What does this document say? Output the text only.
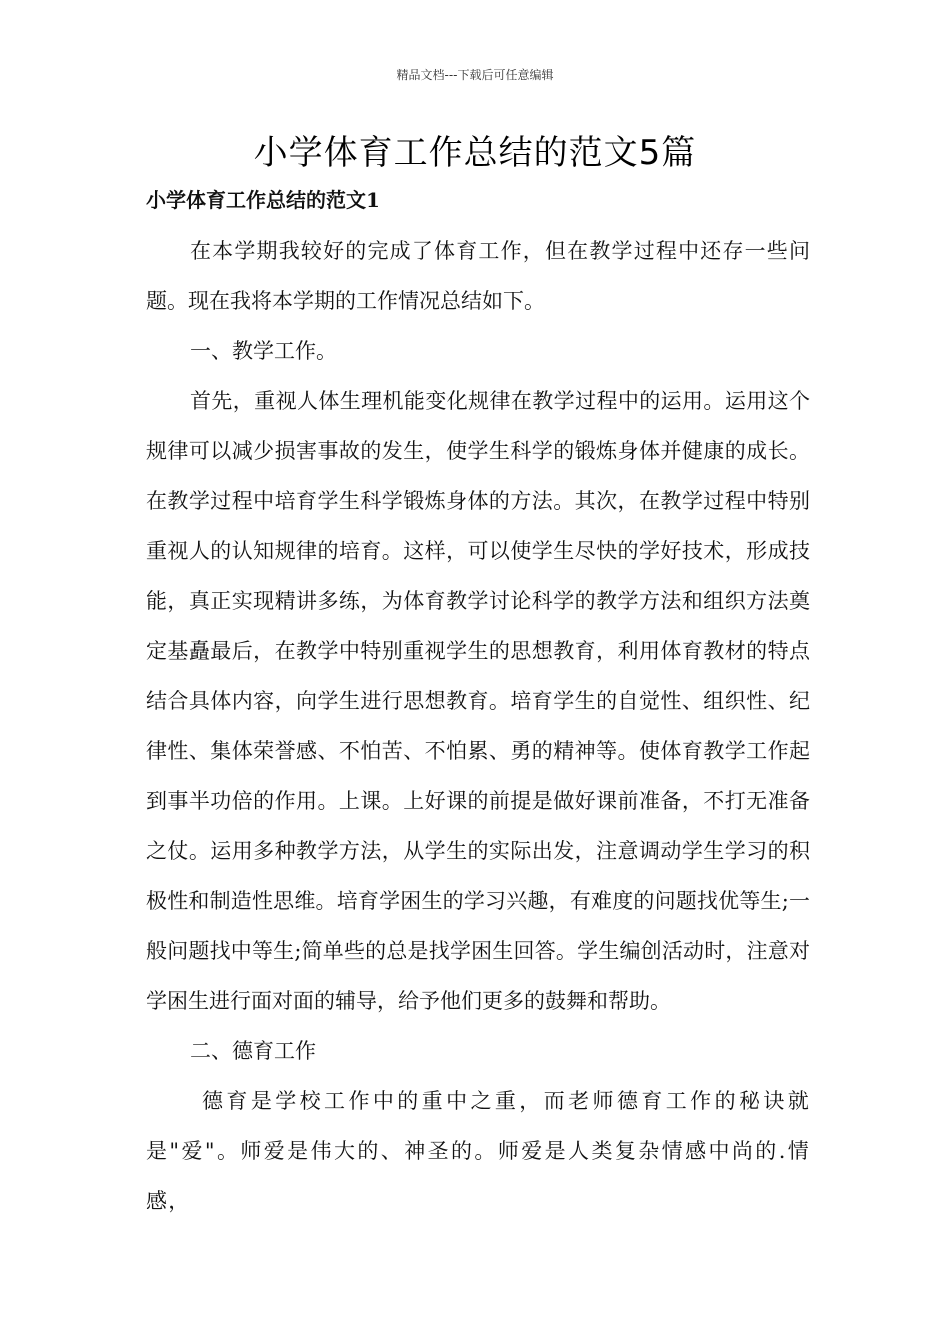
精品文档---下载后可任意编辑
小学体育工作总结的范文5篇
小学体育工作总结的范文1

在本学期我较好的完成了体育工作，但在教学过程中还存一些问题。现在我将本学期的工作情况总结如下。

一、教学工作。

首先，重视人体生理机能变化规律在教学过程中的运用。运用这个规律可以减少损害事故的发生，使学生科学的锻炼身体并健康的成长。在教学过程中培育学生科学锻炼身体的方法。其次，在教学过程中特别重视人的认知规律的培育。这样，可以使学生尽快的学好技术，形成技能，真正实现精讲多练，为体育教学讨论科学的教学方法和组织方法奠定基矗最后，在教学中特别重视学生的思想教育，利用体育教材的特点结合具体内容，向学生进行思想教育。培育学生的自觉性、组织性、纪律性、集体荣誉感、不怕苦、不怕累、勇的精神等。使体育教学工作起到事半功倍的作用。上课。上好课的前提是做好课前准备，不打无准备之仗。运用多种教学方法，从学生的实际出发，注意调动学生学习的积极性和制造性思维。培育学困生的学习兴趣，有难度的问题找优等生;一般问题找中等生;简单些的总是找学困生回答。学生编创活动时，注意对学困生进行面对面的辅导，给予他们更多的鼓舞和帮助。

二、德育工作

德育是学校工作中的重中之重，而老师德育工作的秘诀就是"爱"。师爱是伟大的、神圣的。师爱是人类复杂情感中尚的.情感，
